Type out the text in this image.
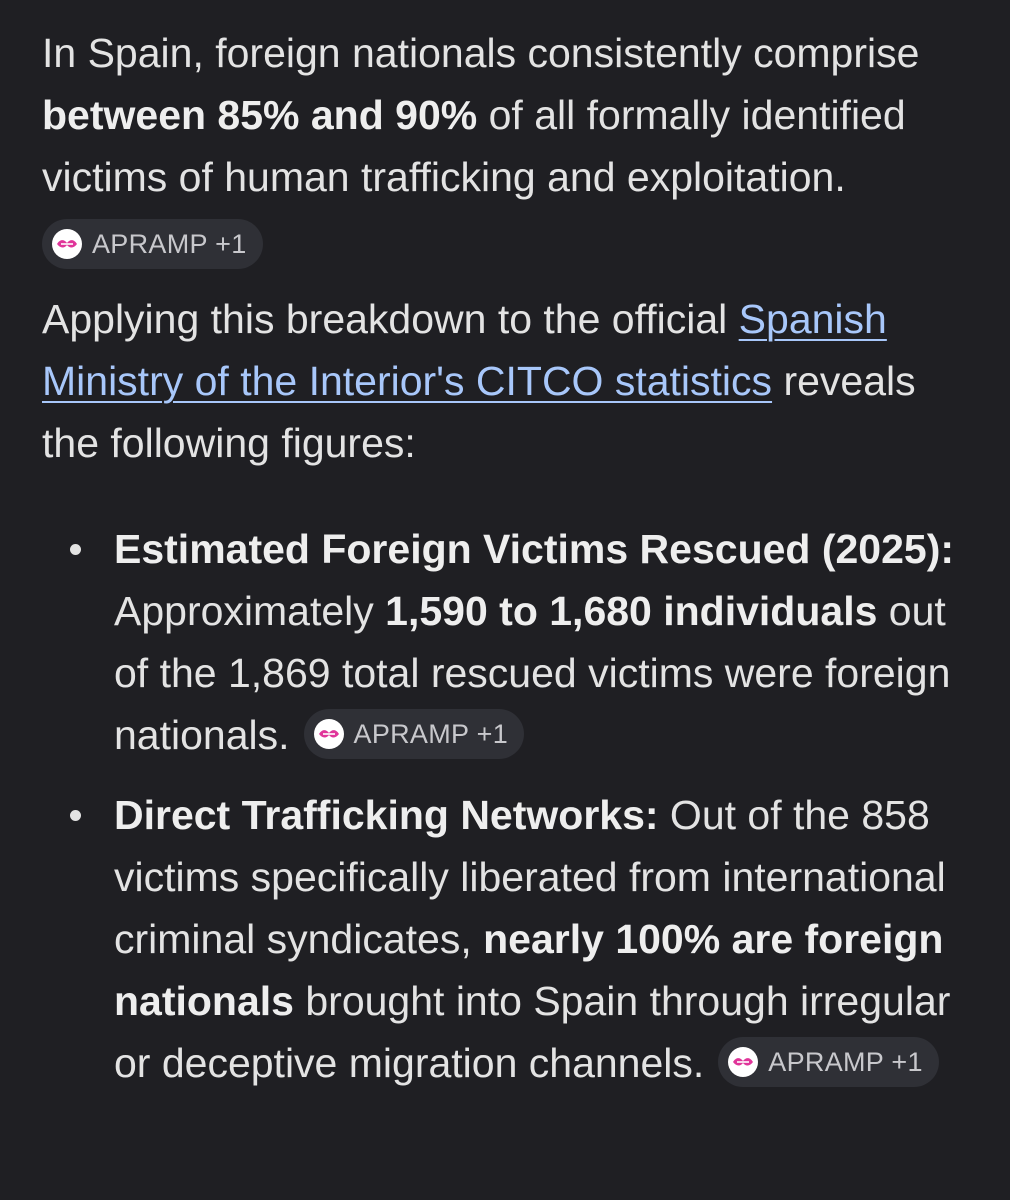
In Spain, foreign nationals consistently comprise between 85% and 90% of all formally identified victims of human trafficking and exploitation.

APRAMP +1

Applying this breakdown to the official Spanish Ministry of the Interior's CITCO statistics reveals the following figures:

Estimated Foreign Victims Rescued (2025): Approximately 1,590 to 1,680 individuals out of the 1,869 total rescued victims were foreign nationals. APRAMP +1
Direct Trafficking Networks: Out of the 858 victims specifically liberated from international criminal syndicates, nearly 100% are foreign nationals brought into Spain through irregular or deceptive migration channels. APRAMP +1
